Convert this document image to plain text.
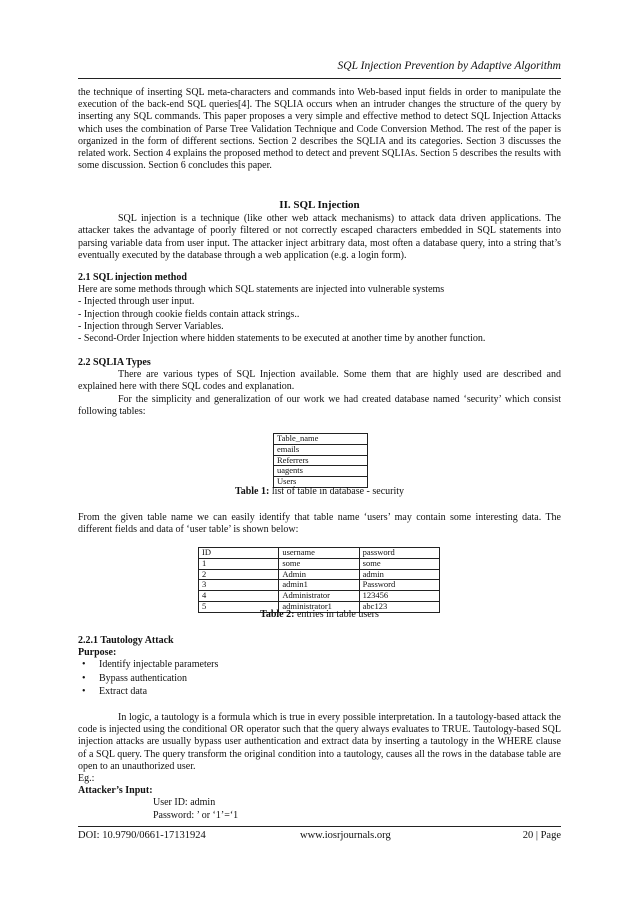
SQL Injection Prevention by Adaptive Algorithm

the technique of inserting SQL meta-characters and commands into Web-based input fields in order to manipulate the execution of the back-end SQL queries[4]. The SQLIA occurs when an intruder changes the structure of the query by inserting any SQL commands. This paper proposes a very simple and effective method to detect SQL Injection Attacks which uses the combination of Parse Tree Validation Technique and Code Conversion Method. The rest of the paper is organized in the form of different sections. Section 2 describes the SQLIA and its categories. Section 3 discusses the related work. Section 4 explains the proposed method to detect and prevent SQLIAs. Section 5 describes the results with some discussion. Section 6 concludes this paper.

II. SQL Injection

SQL injection is a technique (like other web attack mechanisms) to attack data driven applications. The attacker takes the advantage of poorly filtered or not correctly escaped characters embedded in SQL statements into parsing variable data from user input. The attacker inject arbitrary data, most often a database query, into a string that’s eventually executed by the database through a web application (e.g. a login form).

2.1 SQL injection method
Here are some methods through which SQL statements are injected into vulnerable systems
- Injected through user input.
- Injection through cookie fields contain attack strings..
- Injection through Server Variables.
- Second-Order Injection where hidden statements to be executed at another time by another function.
2.2 SQLIA Types

There are various types of SQL Injection available. Some them that are highly used are described and explained here with there SQL codes and explanation.

For the simplicity and generalization of our work we had created database named ‘security’ which consist following tables:

Table_name
emails
Referrers
uagents
Users
Table 1: list of table in database - security

From the given table name we can easily identify that table name ‘users’ may contain some interesting data. The different fields and data of ‘user table’ is shown below:

ID	username	password
1	some	some
2	Admin	admin
3	admin1	Password
4	Administrator	123456
5	administrator1	abc123
Table 2: entries in table users
2.2.1 Tautology Attack
Purpose:
• Identify injectable parameters
• Bypass authentication
• Extract data

In logic, a tautology is a formula which is true in every possible interpretation. In a tautology-based attack the code is injected using the conditional OR operator such that the query always evaluates to TRUE. Tautology-based SQL injection attacks are usually bypass user authentication and extract data by inserting a tautology in the WHERE clause of a SQL query. The query transform the original condition into a tautology, causes all the rows in the database table are open to an unauthorized user.

Eg.:
Attacker’s Input:
User ID: admin
Password: ’ or ‘1’=‘1
DOI: 10.9790/0661-17131924	www.iosrjournals.org	20 | Page
